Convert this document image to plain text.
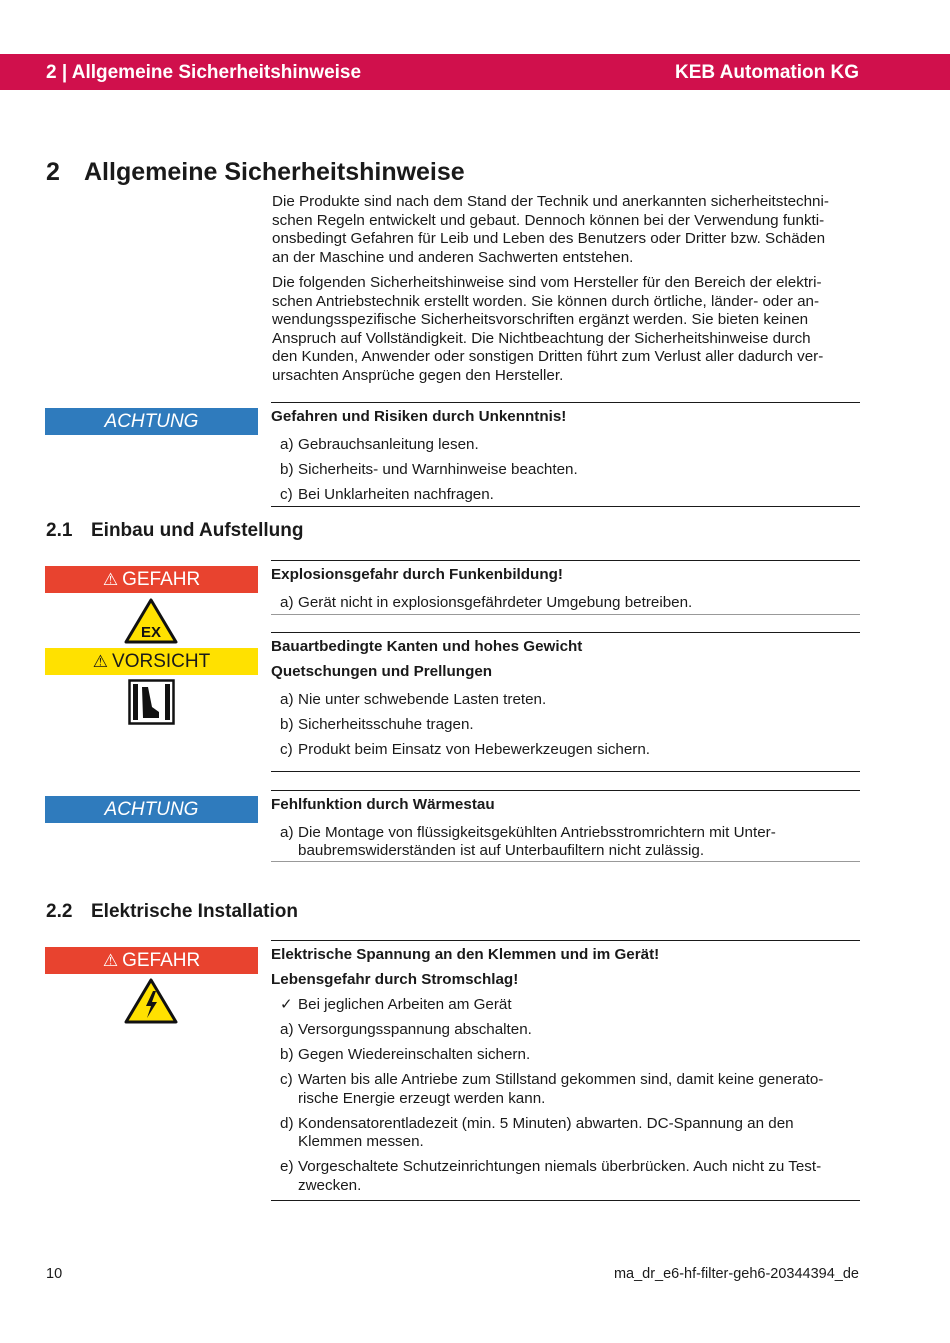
2 | Allgemeine Sicherheitshinweise	KEB Automation KG
2 Allgemeine Sicherheitshinweise
Die Produkte sind nach dem Stand der Technik und anerkannten sicherheitstechni-
schen Regeln entwickelt und gebaut. Dennoch können bei der Verwendung funkti-
onsbedingt Gefahren für Leib und Leben des Benutzers oder Dritter bzw. Schäden
an der Maschine und anderen Sachwerten entstehen.
Die folgenden Sicherheitshinweise sind vom Hersteller für den Bereich der elektri-
schen Antriebstechnik erstellt worden. Sie können durch örtliche, länder- oder an-
wendungsspezifische Sicherheitsvorschriften ergänzt werden. Sie bieten keinen
Anspruch auf Vollständigkeit. Die Nichtbeachtung der Sicherheitshinweise durch
den Kunden, Anwender oder sonstigen Dritten führt zum Verlust aller dadurch ver-
ursachten Ansprüche gegen den Hersteller.
ACHTUNG	Gefahren und Risiken durch Unkenntnis!
a) Gebrauchsanleitung lesen.
b) Sicherheits- und Warnhinweise beachten.
c) Bei Unklarheiten nachfragen.
2.1 Einbau und Aufstellung
⚠ GEFAHR
EX
Explosionsgefahr durch Funkenbildung!
a) Gerät nicht in explosionsgefährdeter Umgebung betreiben.
⚠ VORSICHT
Bauartbedingte Kanten und hohes Gewicht
Quetschungen und Prellungen
a) Nie unter schwebende Lasten treten.
b) Sicherheitsschuhe tragen.
c) Produkt beim Einsatz von Hebewerkzeugen sichern.
ACHTUNG	Fehlfunktion durch Wärmestau
a) Die Montage von flüssigkeitsgekühlten Antriebsstromrichtern mit Unter-
baubremswiderständen ist auf Unterbaufiltern nicht zulässig.
2.2 Elektrische Installation
⚠ GEFAHR	Elektrische Spannung an den Klemmen und im Gerät!
Lebensgefahr durch Stromschlag!
✓ Bei jeglichen Arbeiten am Gerät
a) Versorgungsspannung abschalten.
b) Gegen Wiedereinschalten sichern.
c) Warten bis alle Antriebe zum Stillstand gekommen sind, damit keine generato-
rische Energie erzeugt werden kann.
d) Kondensatorentladezeit (min. 5 Minuten) abwarten. DC-Spannung an den
Klemmen messen.
e) Vorgeschaltete Schutzeinrichtungen niemals überbrücken. Auch nicht zu Test-
zwecken.
10	ma_dr_e6-hf-filter-geh6-20344394_de
